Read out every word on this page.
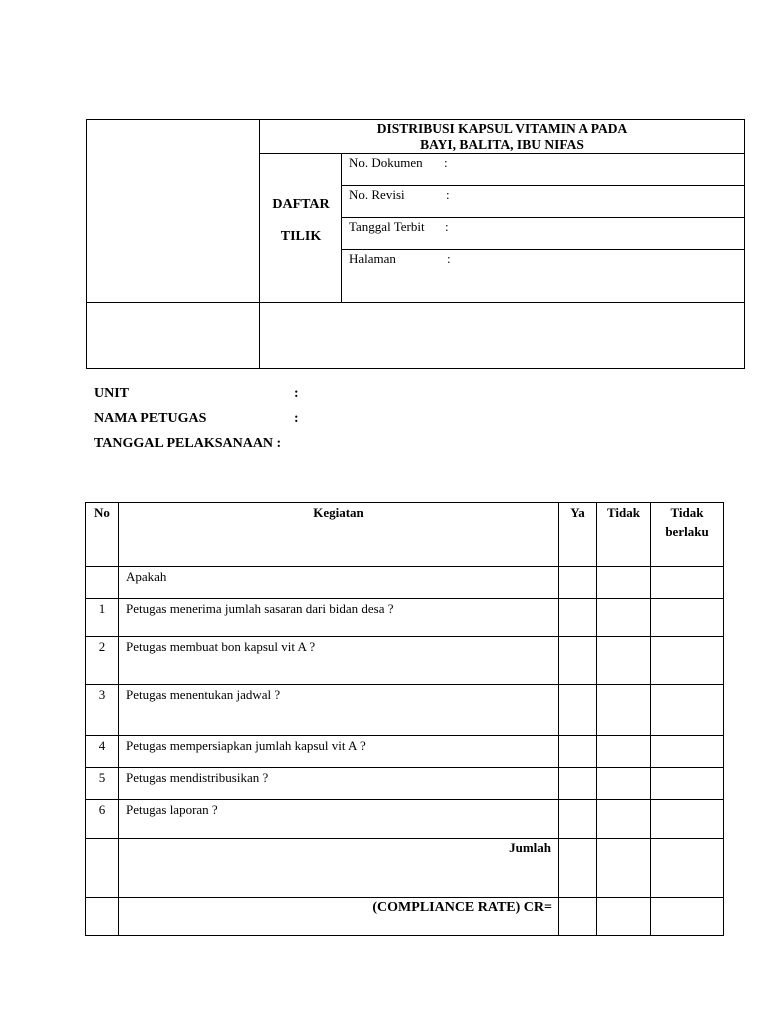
DISTRIBUSI KAPSUL VITAMIN A PADA
BAYI, BALITA, IBU NIFAS
DAFTAR
TILIK
No. Dokumen :
No. Revisi	:
Tanggal Terbit :
Halaman	:
UNIT	:
NAMA PETUGAS	:
TANGGAL PELAKSANAAN :
No	Kegiatan	Ya	Tidak	Tidak
berlaku
Apakah
1	Petugas menerima jumlah sasaran dari bidan desa ?
2	Petugas membuat bon kapsul vit A ?
3	Petugas menentukan jadwal ?
4	Petugas mempersiapkan jumlah kapsul vit A ?
5	Petugas mendistribusikan ?
6	Petugas laporan ?
Jumlah
(COMPLIANCE RATE) CR=
